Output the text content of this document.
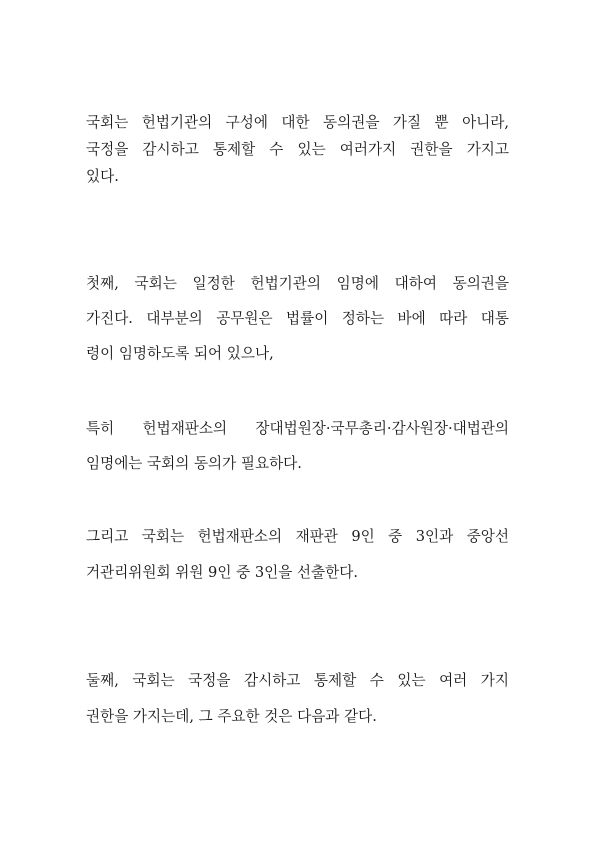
국회는 헌법기관의 구성에 대한 동의권을 가질 뿐 아니라,
국정을 감시하고 통제할 수 있는 여러가지 권한을 가지고
있다.
첫째, 국회는 일정한 헌법기관의 임명에 대하여 동의권을
가진다. 대부분의 공무원은 법률이 정하는 바에 따라 대통
령이 임명하도록 되어 있으나,
특히 헌법재판소의 장대법원장·국무총리·감사원장·대법관의
임명에는 국회의 동의가 필요하다.
그리고 국회는 헌법재판소의 재판관 9인 중 3인과 중앙선
거관리위원회 위원 9인 중 3인을 선출한다.
둘째, 국회는 국정을 감시하고 통제할 수 있는 여러 가지
권한을 가지는데, 그 주요한 것은 다음과 같다.
